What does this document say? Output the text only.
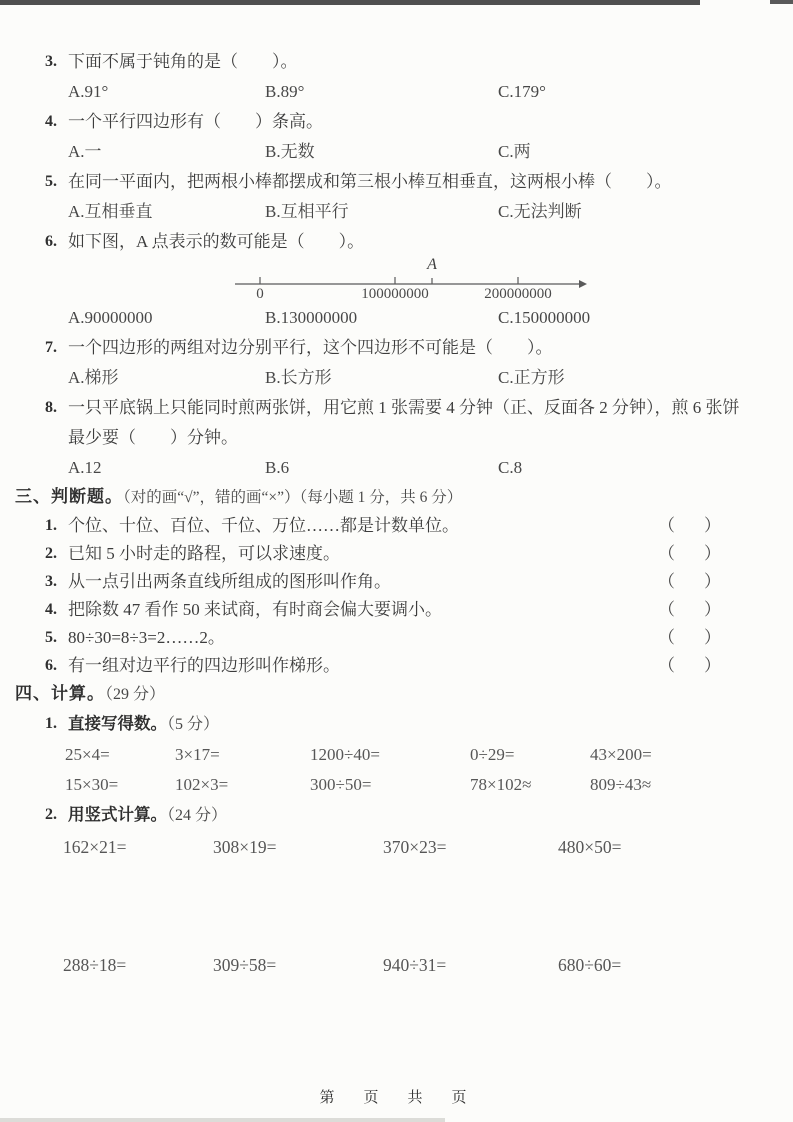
3. 下面不属于钝角的是（　　）。
A.91°	B.89°	C.179°
4. 一个平行四边形有（　　）条高。
A.一	B.无数	C.两
5. 在同一平面内，把两根小棒都摆成和第三根小棒互相垂直，这两根小棒（　　）。
A.互相垂直	B.互相平行	C.无法判断
6. 如下图，A 点表示的数可能是（　　）。
A
0	100000000	200000000
A.90000000	B.130000000	C.150000000
7. 一个四边形的两组对边分别平行，这个四边形不可能是（　　）。
A.梯形	B.长方形	C.正方形
8. 一只平底锅上只能同时煎两张饼，用它煎 1 张需要 4 分钟（正、反面各 2 分钟），煎 6 张饼最少要（　　）分钟。
A.12	B.6	C.8
三、判断题。（对的画“√”，错的画“×”）（每小题 1 分，共 6 分）
1. 个位、十位、百位、千位、万位……都是计数单位。	（　）
2. 已知 5 小时走的路程，可以求速度。	（　）
3. 从一点引出两条直线所组成的图形叫作角。	（　）
4. 把除数 47 看作 50 来试商，有时商会偏大要调小。	（　）
5. 80÷30=8÷3=2……2。	（　）
6. 有一组对边平行的四边形叫作梯形。	（　）
四、计算。（29 分）
1. 直接写得数。（5 分）
25×4=	3×17=	1200÷40=	0÷29=	43×200=
15×30=	102×3=	300÷50=	78×102≈	809÷43≈
2. 用竖式计算。（24 分）
162×21=	308×19=	370×23=	480×50=
288÷18=	309÷58=	940÷31=	680÷60=
第　页　共　页
